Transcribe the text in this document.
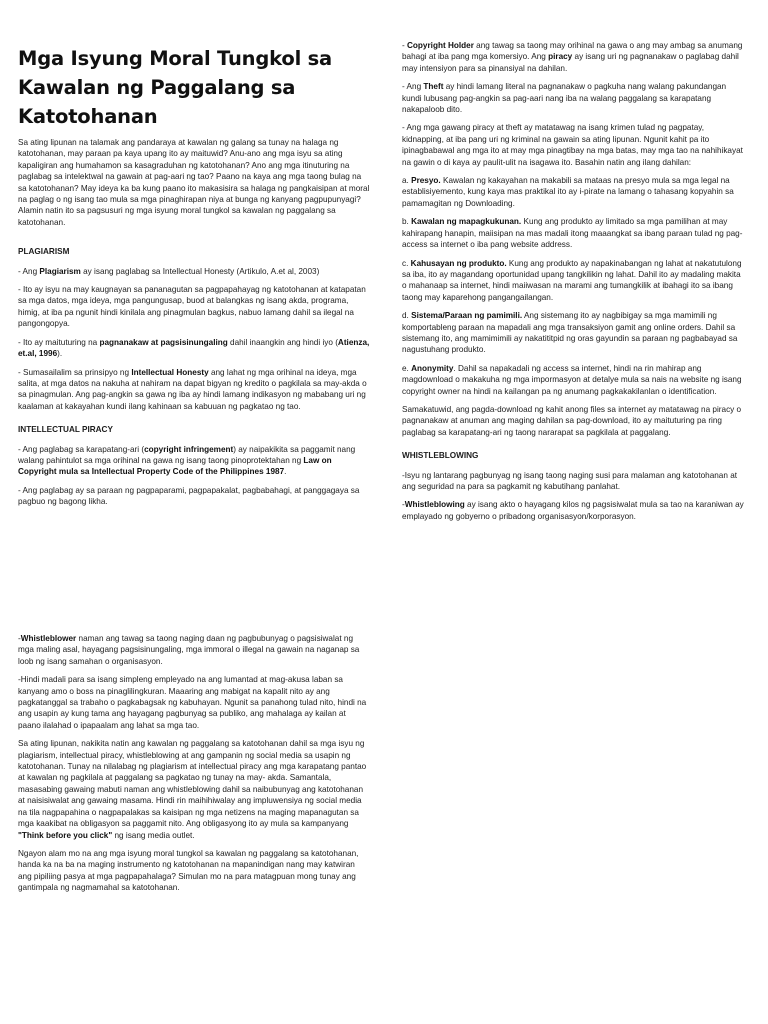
Mga Isyung Moral Tungkol sa Kawalan ng Paggalang sa Katotohanan

Sa ating lipunan na talamak ang pandaraya at kawalan ng galang sa tunay na halaga ng katotohanan, may paraan pa kaya upang ito ay maituwid? Anu-ano ang mga isyu sa ating kapaligiran ang humahamon sa kasagraduhan ng katotohanan? Ano ang mga itinuturing na paglabag sa intelektwal na gawain at pag-aari ng tao? Paano na kaya ang mga taong bulag na sa katotohanan? May ideya ka ba kung paano ito makasisira sa halaga ng pangkaisipan at moral na paglag o ng isang tao mula sa mga pinaghirapan niya at bunga ng kanyang pagpupunyagi? Alamin natin ito sa pagsusuri ng mga isyung moral tungkol sa kawalan ng paggalang sa katotohanan.

PLAGIARISM

- Ang Plagiarism ay isang paglabag sa Intellectual Honesty (Artikulo, A.et al, 2003)

- Ito ay isyu na may kaugnayan sa pananagutan sa pagpapahayag ng katotohanan at katapatan sa mga datos, mga ideya, mga pangungusap, buod at balangkas ng isang akda, programa, himig, at iba pa ngunit hindi kinilala ang pinagmulan bagkus, nabuo lamang dahil sa ilegal na pangongopya.

- Ito ay maituturing na pagnanakaw at pagsisinungaling dahil inaangkin ang hindi iyo (Atienza, et.al, 1996).

- Sumasailalim sa prinsipyo ng Intellectual Honesty ang lahat ng mga orihinal na ideya, mga salita, at mga datos na nakuha at nahiram na dapat bigyan ng kredito o pagkilala sa may-akda o sa pinagmulan. Ang pag-angkin sa gawa ng iba ay hindi lamang indikasyon ng mababang uri ng kaalaman at kakayahan kundi ilang kahinaan sa kabuuan ng pagkatao ng tao.

INTELLECTUAL PIRACY

- Ang paglabag sa karapatang-ari (copyright infringement) ay naipakikita sa paggamit nang walang pahintulot sa mga orihinal na gawa ng isang taong pinoprotektahan ng Law on Copyright mula sa Intellectual Property Code of the Philippines 1987.

- Ang paglabag ay sa paraan ng pagpaparami, pagpapakalat, pagbabahagi, at panggagaya sa pagbuo ng bagong likha.

- Copyright Holder ang tawag sa taong may orihinal na gawa o ang may ambag sa anumang bahagi at iba pang mga komersiyo. Ang piracy ay isang uri ng pagnanakaw o paglabag dahil may intensiyon para sa pinansiyal na dahilan.

- Ang Theft ay hindi lamang literal na pagnanakaw o pagkuha nang walang pakundangan kundi lubusang pag-angkin sa pag-aari nang iba na walang paggalang sa karapatang nakapaloob dito.

- Ang mga gawang piracy at theft ay matatawag na isang krimen tulad ng pagpatay, kidnapping, at iba pang uri ng kriminal na gawain sa ating lipunan. Ngunit kahit pa ito ipinagbabawal ang mga ito at may mga pinagtibay na mga batas, may mga tao na nahihikayat na gawin o di kaya ay paulit-ulit na isagawa ito. Basahin natin ang ilang dahilan:

a. Presyo. Kawalan ng kakayahan na makabili sa mataas na presyo mula sa mga legal na establisiyemento, kung kaya mas praktikal ito ay i-pirate na lamang o tahasang kopyahin sa pamamagitan ng Downloading.

b. Kawalan ng mapagkukunan. Kung ang produkto ay limitado sa mga pamilihan at may kahirapang hanapin, maiisipan na mas madali itong maaangkat sa ibang paraan tulad ng pag-access sa internet o iba pang website address.

c. Kahusayan ng produkto. Kung ang produkto ay napakinabangan ng lahat at nakatutulong sa iba, ito ay magandang oportunidad upang tangkilikin ng lahat. Dahil ito ay madaling makita o mahanaap sa internet, hindi maiiwasan na marami ang tumangkilik at ibahagi ito sa ibang taong may kaparehong pangangailangan.

d. Sistema/Paraan ng pamimili. Ang sistemang ito ay nagbibigay sa mga mamimili ng komportableng paraan na mapadali ang mga transaksiyon gamit ang online orders. Dahil sa sistemang ito, ang mamimimili ay nakatititpid ng oras gayundin sa paraan ng pagbabayad sa nagustuhang produkto.

e. Anonymity. Dahil sa napakadali ng access sa internet, hindi na rin mahirap ang magdownload o makakuha ng mga impormasyon at detalye mula sa nais na website ng isang copyright owner na hindi na kailangan pa ng anumang pagkakakilanlan o identification.

Samakatuwid, ang pagda-download ng kahit anong files sa internet ay matatawag na piracy o pagnanakaw at anuman ang maging dahilan sa pag-download, ito ay maituturing pa ring paglabag sa karapatang-ari ng taong nararapat sa pagkilala at paggalang.

WHISTLEBLOWING

-Isyu ng lantarang pagbunyag ng isang taong naging susi para malaman ang katotohanan at ang seguridad na para sa pagkamit ng kabutihang panlahat.

-Whistleblowing ay isang akto o hayagang kilos ng pagsisiwalat mula sa tao na karaniwan ay emplayado ng gobyerno o pribadong organisasyon/korporasyon.

-Whistleblower naman ang tawag sa taong naging daan ng pagbubunyag o pagsisiwalat ng mga maling asal, hayagang pagsisinungaling, mga immoral o illegal na gawain na naganap sa loob ng isang samahan o organisasyon.

-Hindi madali para sa isang simpleng empleyado na ang lumantad at mag-akusa laban sa kanyang amo o boss na pinaglilingkuran. Maaaring ang mabigat na kapalit nito ay ang pagkatanggal sa trabaho o pagkabagsak ng kabuhayan. Ngunit sa panahong tulad nito, hindi na ang usapin ay kung tama ang hayagang pagbunyag sa publiko, ang mahalaga ay kailan at paano ilalahad o ipapaalam ang lahat sa mga tao.

Sa ating lipunan, nakikita natin ang kawalan ng paggalang sa katotohanan dahil sa mga isyu ng plagiarism, intellectual piracy, whistleblowing at ang gampanin ng social media sa usapin ng katotohanan. Tunay na nilalabag ng plagiarism at intellectual piracy ang mga karapatang pantao at kawalan ng pagkilala at paggalang sa pagkatao ng tunay na may- akda. Samantala, masasabing gawaing mabuti naman ang whistleblowing dahil sa naibubunyag ang katotohanan at naisisiwalat ang gawaing masama. Hindi rin maihihiwalay ang impluwensiya ng social media na tila nagpapahina o nagpapalakas sa kaisipan ng mga netizens na maging mapanagutan sa mga kaakibat na obligasyon sa paggamit nito. Ang obligasyong ito ay mula sa kampanyang "Think before you click" ng isang media outlet.

Ngayon alam mo na ang mga isyung moral tungkol sa kawalan ng paggalang sa katotohanan, handa ka na ba na maging instrumento ng katotohanan na mapanindigan nang may katwiran ang pipiliing pasya at mga pagpapahalaga? Simulan mo na para matagpuan mong tunay ang gantimpala ng nagmamahal sa katotohanan.
